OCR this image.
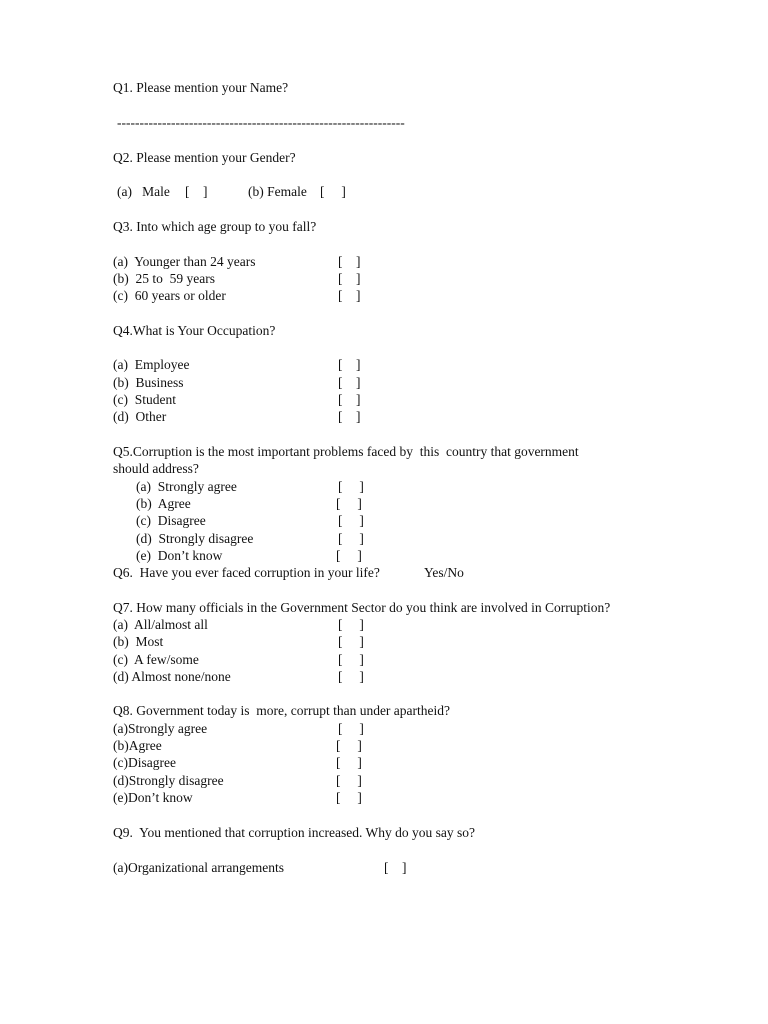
Q1. Please mention your Name?
----------------------------------------------------------------
Q2. Please mention your Gender?
(a)   Male [    ]	(b) Female [     ]
Q3. Into which age group to you fall?
(a)  Younger than 24 years	[    ]
(b)  25 to  59 years	[    ]
(c)  60 years or older	[    ]
Q4.What is Your Occupation?
(a)  Employee	[    ]
(b)  Business	[    ]
(c)  Student	[    ]
(d)  Other	[    ]
Q5.Corruption is the most important problems faced by  this  country that government
should address?
(a)  Strongly agree	[     ]
(b)  Agree	[     ]
(c)  Disagree	[     ]
(d)  Strongly disagree	[     ]
(e)  Don’t know	[     ]
Q6.  Have you ever faced corruption in your life?	Yes/No
Q7. How many officials in the Government Sector do you think are involved in Corruption?
(a)  All/almost all	[     ]
(b)  Most	[     ]
(c)  A few/some	[     ]
(d) Almost none/none	[     ]
Q8. Government today is  more, corrupt than under apartheid?
(a)Strongly agree	[     ]
(b)Agree	[     ]
(c)Disagree	[     ]
(d)Strongly disagree	[     ]
(e)Don’t know	[     ]
Q9.  You mentioned that corruption increased. Why do you say so?
(a)Organizational arrangements	[    ]
